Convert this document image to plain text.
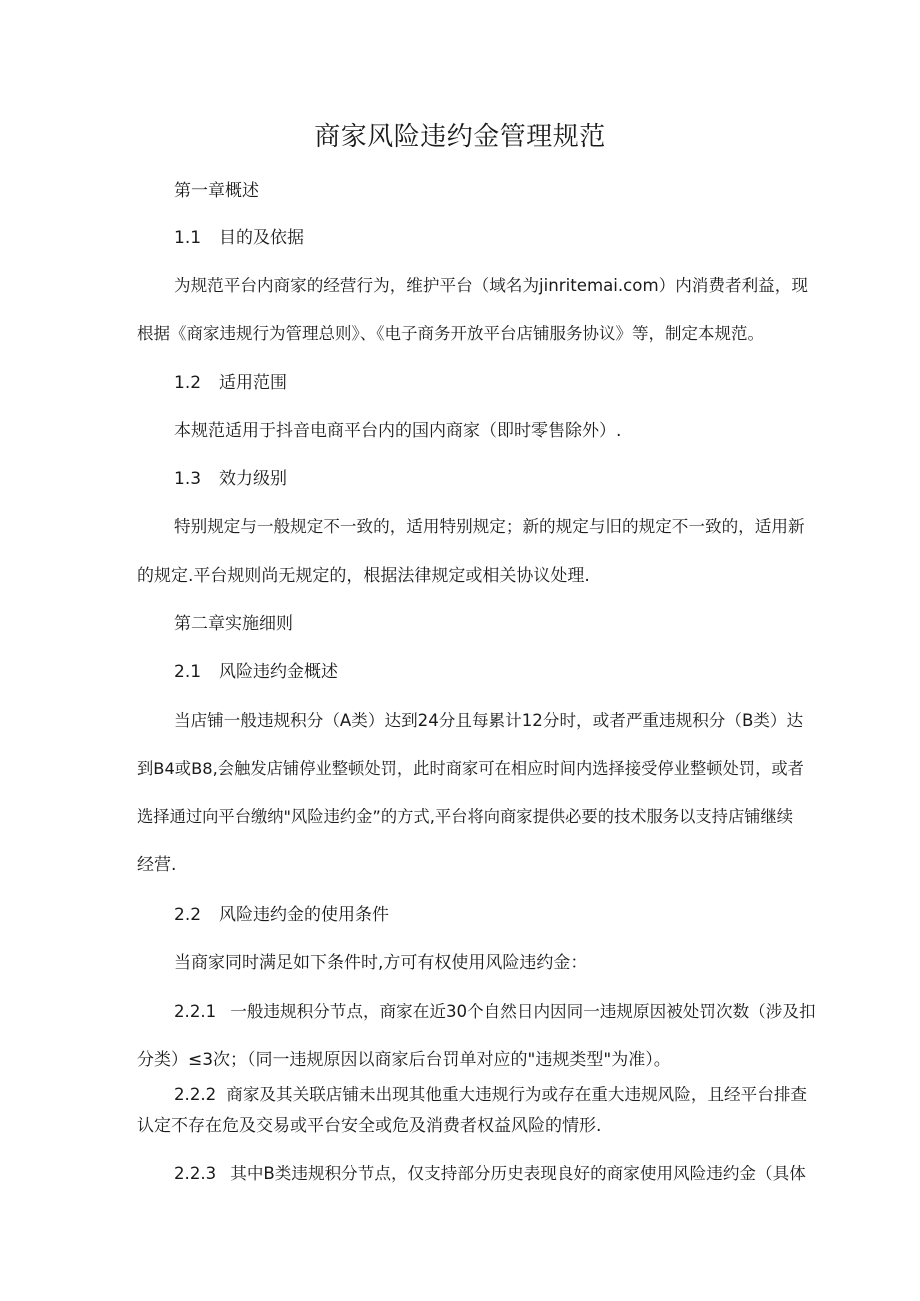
商家风险违约金管理规范
第一章概述
1.1 目的及依据
为规范平台内商家的经营行为，维护平台（域名为jinritemai.com）内消费者利益，现
根据《商家违规行为管理总则》、《电子商务开放平台店铺服务协议》等，制定本规范。
1.2 适用范围
本规范适用于抖音电商平台内的国内商家（即时零售除外）.
1.3 效力级别
特别规定与一般规定不一致的，适用特别规定；新的规定与旧的规定不一致的，适用新
的规定.平台规则尚无规定的，根据法律规定或相关协议处理.
第二章实施细则
2.1 风险违约金概述
当店铺一般违规积分（A类）达到24分且每累计12分时，或者严重违规积分（B类）达
到B4或B8,会触发店铺停业整顿处罚，此时商家可在相应时间内选择接受停业整顿处罚，或者
选择通过向平台缴纳"风险违约金”的方式,平台将向商家提供必要的技术服务以支持店铺继续
经营.
2.2 风险违约金的使用条件
当商家同时满足如下条件时,方可有权使用风险违约金：
2.2.1 一般违规积分节点，商家在近30个自然日内因同一违规原因被处罚次数（涉及扣
分类）≤3次；（同一违规原因以商家后台罚单对应的"违规类型"为准）。
2.2.2 商家及其关联店铺未出现其他重大违规行为或存在重大违规风险，且经平台排查
认定不存在危及交易或平台安全或危及消费者权益风险的情形.
2.2.3 其中B类违规积分节点，仅支持部分历史表现良好的商家使用风险违约金（具体
